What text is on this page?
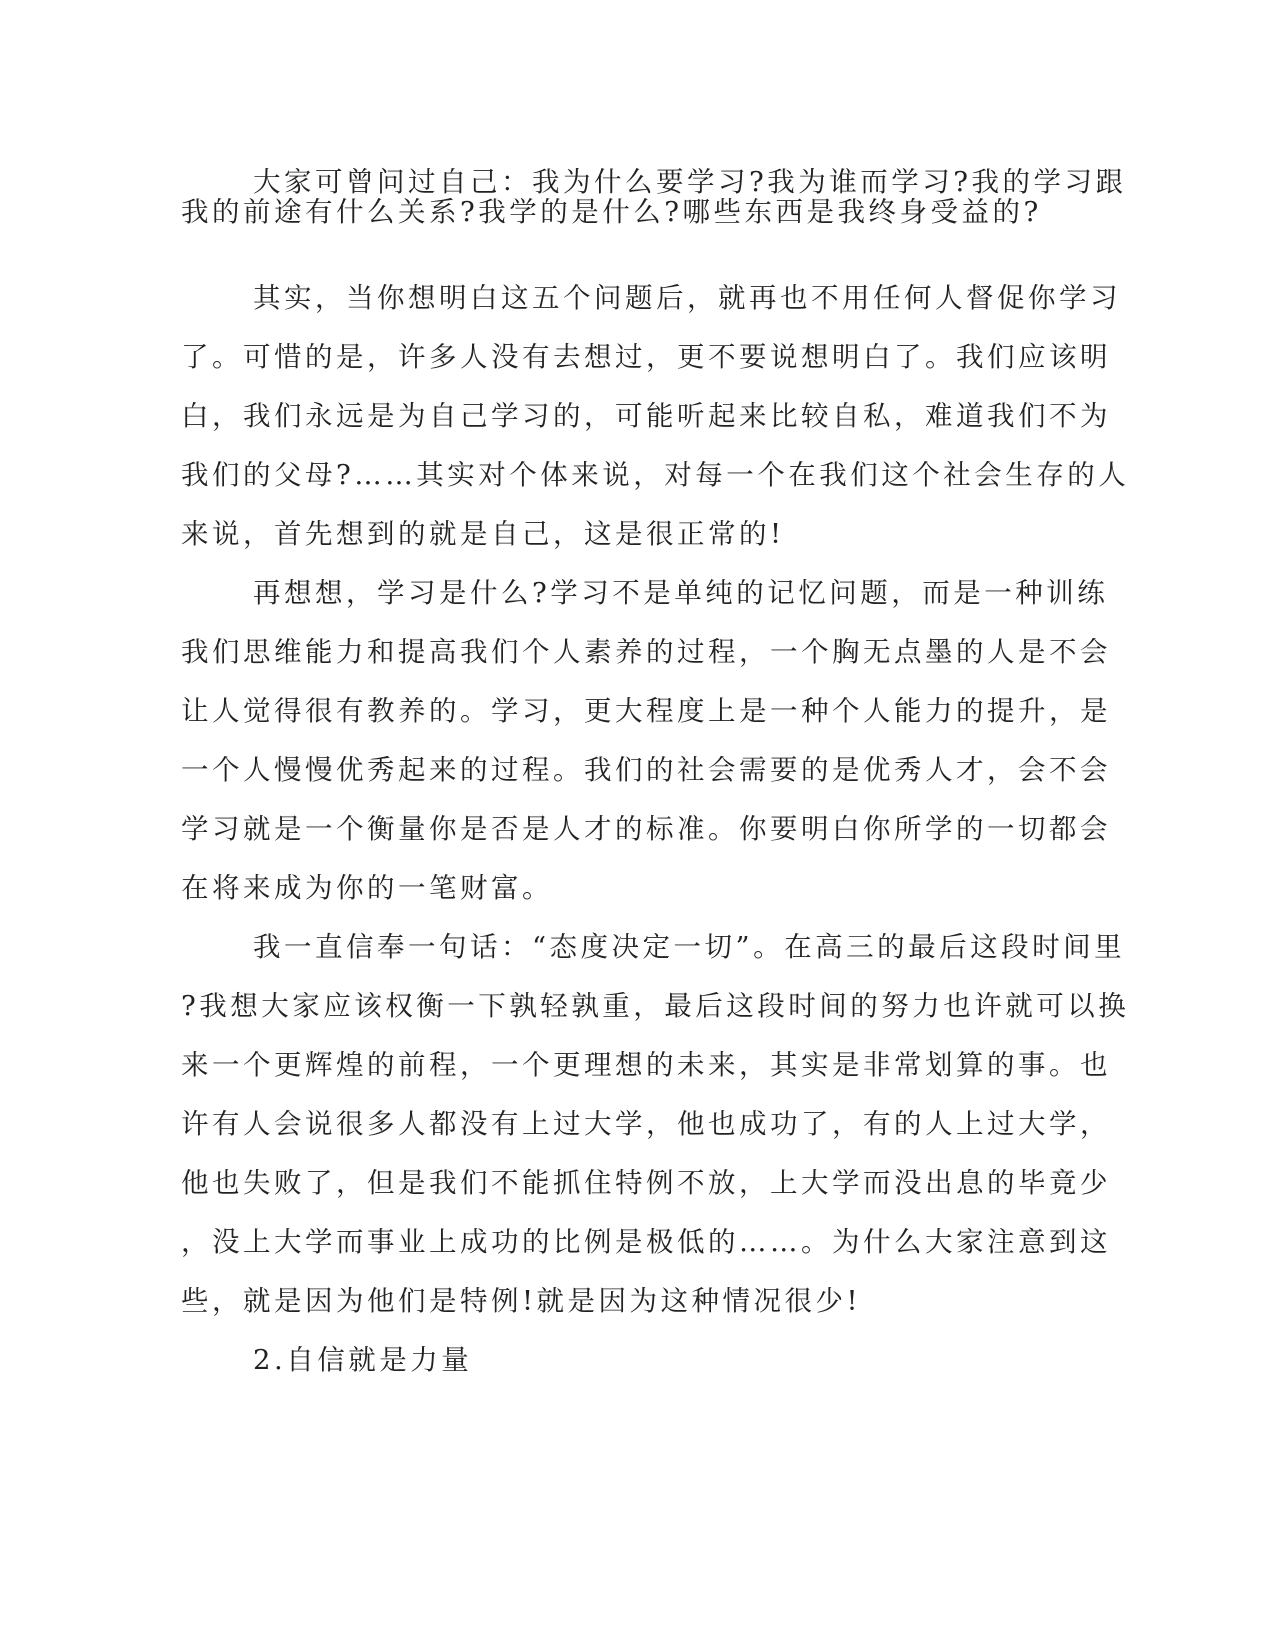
大家可曾问过自己：我为什么要学习?我为谁而学习?我的学习跟
我的前途有什么关系?我学的是什么?哪些东西是我终身受益的?
其实，当你想明白这五个问题后，就再也不用任何人督促你学习
了。可惜的是，许多人没有去想过，更不要说想明白了。我们应该明
白，我们永远是为自己学习的，可能听起来比较自私，难道我们不为
我们的父母?……其实对个体来说，对每一个在我们这个社会生存的人
来说，首先想到的就是自己，这是很正常的!
再想想，学习是什么?学习不是单纯的记忆问题，而是一种训练
我们思维能力和提高我们个人素养的过程，一个胸无点墨的人是不会
让人觉得很有教养的。学习，更大程度上是一种个人能力的提升，是
一个人慢慢优秀起来的过程。我们的社会需要的是优秀人才，会不会
学习就是一个衡量你是否是人才的标准。你要明白你所学的一切都会
在将来成为你的一笔财富。
我一直信奉一句话：“态度决定一切”。在高三的最后这段时间里
?我想大家应该权衡一下孰轻孰重，最后这段时间的努力也许就可以换
来一个更辉煌的前程，一个更理想的未来，其实是非常划算的事。也
许有人会说很多人都没有上过大学，他也成功了，有的人上过大学，
他也失败了，但是我们不能抓住特例不放，上大学而没出息的毕竟少
，没上大学而事业上成功的比例是极低的……。为什么大家注意到这
些，就是因为他们是特例!就是因为这种情况很少!
2.自信就是力量
